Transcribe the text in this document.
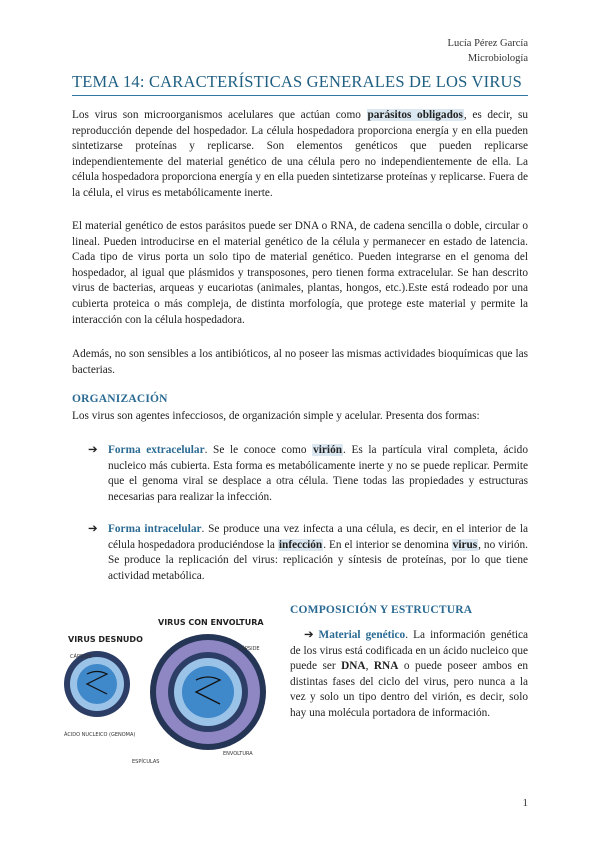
Lucía Pérez García
Microbiología
TEMA 14: CARACTERÍSTICAS GENERALES DE LOS VIRUS

Los virus son microorganismos acelulares que actúan como parásitos obligados, es decir, su reproducción depende del hospedador. La célula hospedadora proporciona energía y en ella pueden sintetizarse proteínas y replicarse. Son elementos genéticos que pueden replicarse independientemente del material genético de una célula pero no independientemente de ella. La célula hospedadora proporciona energía y en ella pueden sintetizarse proteínas y replicarse. Fuera de la célula, el virus es metabólicamente inerte.

El material genético de estos parásitos puede ser DNA o RNA, de cadena sencilla o doble, circular o lineal. Pueden introducirse en el material genético de la célula y permanecer en estado de latencia. Cada tipo de virus porta un solo tipo de material genético. Pueden integrarse en el genoma del hospedador, al igual que plásmidos y transposones, pero tienen forma extracelular. Se han descrito virus de bacterias, arqueas y eucariotas (animales, plantas, hongos, etc.).Este está rodeado por una cubierta proteica o más compleja, de distinta morfología, que protege este material y permite la interacción con la célula hospedadora.

Además, no son sensibles a los antibióticos, al no poseer las mismas actividades bioquímicas que las bacterias.

ORGANIZACIÓN

Los virus son agentes infecciosos, de organización simple y acelular. Presenta dos formas:

➔ Forma extracelular. Se le conoce como virión. Es la partícula viral completa, ácido nucleico más cubierta. Esta forma es metabólicamente inerte y no se puede replicar. Permite que el genoma viral se desplace a otra célula. Tiene todas las propiedades y estructuras necesarias para realizar la infección.
➔ Forma intracelular. Se produce una vez infecta a una célula, es decir, en el interior de la célula hospedadora produciéndose la infección. En el interior se denomina virus, no virión. Se produce la replicación del virus: replicación y síntesis de proteínas, por lo que tiene actividad metabólica.
VIRUS DESNUDO
VIRUS CON ENVOLTURA
CÁPSIDE
ÁCIDO NUCLEICO (GENOMA)
CÁPSIDE
ESPÍCULAS
ENVOLTURA
COMPOSICIÓN Y ESTRUCTURA
➔ Material genético. La información genética de los virus está codificada en un ácido nucleico que puede ser DNA, RNA o puede poseer ambos en distintas fases del ciclo del virus, pero nunca a la vez y solo un tipo dentro del virión, es decir, solo hay una molécula portadora de información.
1
